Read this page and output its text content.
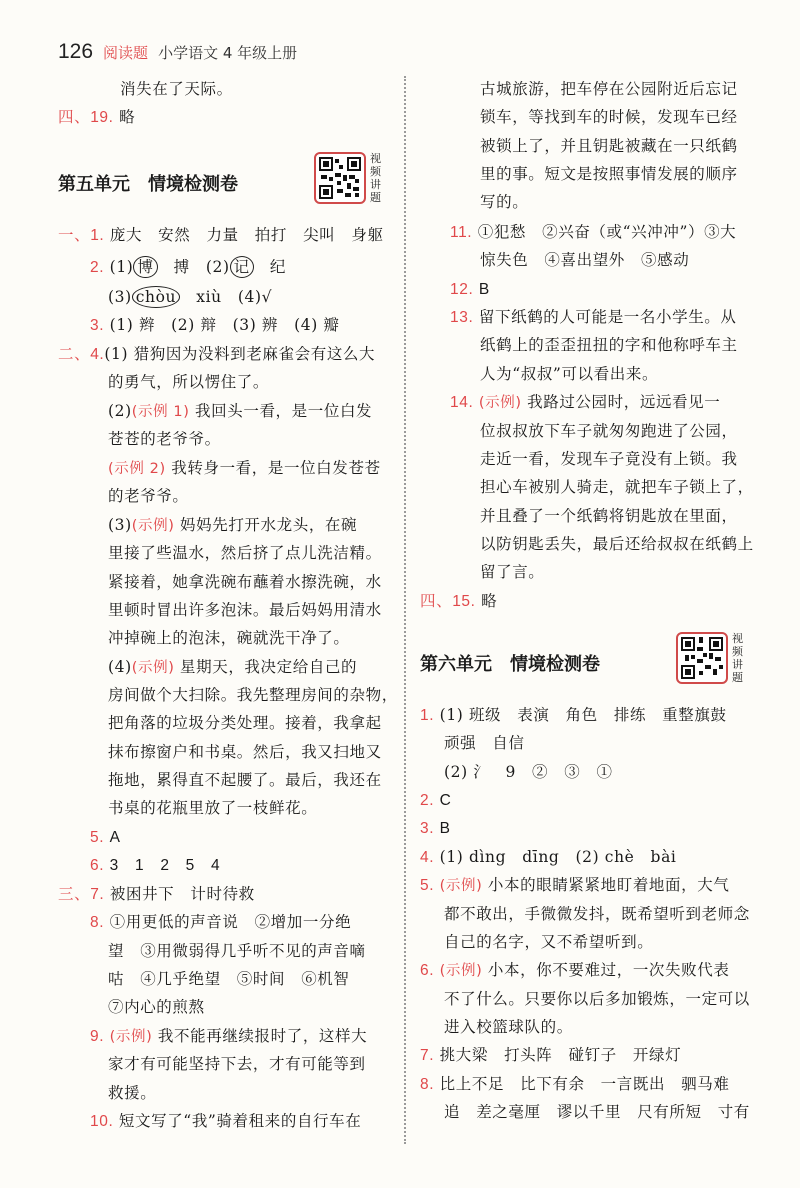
126 阅读题 小学语文 4 年级上册
消失在了天际。
四、19. 略
第五单元　情境检测卷
视频讲题
一、1. 庞大　安然　力量　拍打　尖叫　身躯
2. (1) 博　 搏　(2) 记　 纪
(3) chòu　 xiù　(4)√
3. (1) 辫　(2) 辩　(3) 辨　(4) 瓣
二、4.(1) 猎狗因为没料到老麻雀会有这么大
的勇气，所以愣住了。
(2)(示例 1) 我回头一看，是一位白发
苍苍的老爷爷。
(示例 2) 我转身一看，是一位白发苍苍
的老爷爷。
(3)(示例) 妈妈先打开水龙头，在碗
里接了些温水，然后挤了点儿洗洁精。
紧接着，她拿洗碗布蘸着水擦洗碗，水
里顿时冒出许多泡沫。最后妈妈用清水
冲掉碗上的泡沫，碗就洗干净了。
(4)(示例) 星期天，我决定给自己的
房间做个大扫除。我先整理房间的杂物，
把角落的垃圾分类处理。接着，我拿起
抹布擦窗户和书桌。然后，我又扫地又
拖地，累得直不起腰了。最后，我还在
书桌的花瓶里放了一枝鲜花。
5. A
6. 3　1　2　5　4
三、7. 被困井下　计时待救
8. ①用更低的声音说　②增加一分绝
望　③用微弱得几乎听不见的声音嘀
咕　④几乎绝望　⑤时间　⑥机智
⑦内心的煎熬
9. (示例) 我不能再继续报时了，这样大
家才有可能坚持下去，才有可能等到
救援。
10. 短文写了“我”骑着租来的自行车在
古城旅游，把车停在公园附近后忘记
锁车，等找到车的时候，发现车已经
被锁上了，并且钥匙被藏在一只纸鹤
里的事。短文是按照事情发展的顺序
写的。
11. ①犯愁　②兴奋（或“兴冲冲”）③大
惊失色　④喜出望外　⑤感动
12. B
13. 留下纸鹤的人可能是一名小学生。从
纸鹤上的歪歪扭扭的字和他称呼车主
人为“叔叔”可以看出来。
14. (示例) 我路过公园时，远远看见一
位叔叔放下车子就匆匆跑进了公园，
走近一看，发现车子竟没有上锁。我
担心车被别人骑走，就把车子锁上了，
并且叠了一个纸鹤将钥匙放在里面，
以防钥匙丢失，最后还给叔叔在纸鹤上
留了言。
四、15. 略
第六单元　情境检测卷
视频讲题
1. (1) 班级　表演　角色　排练　重整旗鼓
顽强　自信
(2) 氵　9　②　③　①
2. C
3. B
4. (1) dìng　dīng　(2) chè　bài
5. (示例) 小本的眼睛紧紧地盯着地面，大气
都不敢出，手微微发抖，既希望听到老师念
自己的名字，又不希望听到。
6. (示例) 小本，你不要难过，一次失败代表
不了什么。只要你以后多加锻炼，一定可以
进入校篮球队的。
7. 挑大梁　打头阵　碰钉子　开绿灯
8. 比上不足　比下有余　一言既出　驷马难
追　差之毫厘　谬以千里　尺有所短　寸有
